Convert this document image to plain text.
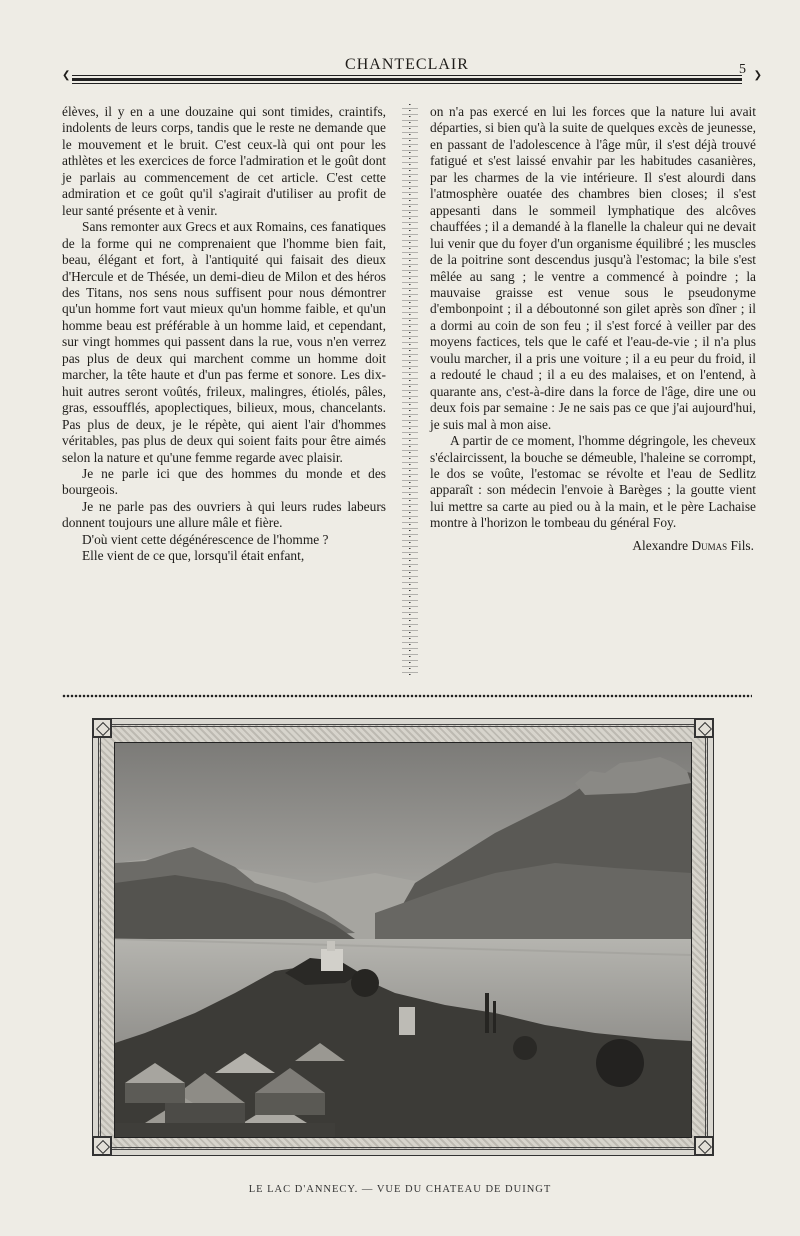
CHANTECLAIR	5
❮	❯

élèves, il y en a une douzaine qui sont timides, craintifs, indolents de leurs corps, tandis que le reste ne demande que le mouvement et le bruit. C'est ceux-là qui ont pour les athlètes et les exercices de force l'admiration et le goût dont je parlais au commencement de cet article. C'est cette admiration et ce goût qu'il s'agirait d'utiliser au profit de leur santé présente et à venir.

Sans remonter aux Grecs et aux Romains, ces fanatiques de la forme qui ne comprenaient que l'homme bien fait, beau, élégant et fort, à l'antiquité qui faisait des dieux d'Hercule et de Thésée, un demi-dieu de Milon et des héros des Titans, nos sens nous suffisent pour nous démontrer qu'un homme fort vaut mieux qu'un homme faible, et qu'un homme beau est préférable à un homme laid, et cependant, sur vingt hommes qui passent dans la rue, vous n'en verrez pas plus de deux qui marchent comme un homme doit marcher, la tête haute et d'un pas ferme et sonore. Les dix-huit autres seront voûtés, frileux, malingres, étiolés, pâles, gras, essoufflés, apoplectiques, bilieux, mous, chancelants. Pas plus de deux, je le répète, qui aient l'air d'hommes véritables, pas plus de deux qui soient faits pour être aimés selon la nature et qu'une femme regarde avec plaisir.

Je ne parle ici que des hommes du monde et des bourgeois.

Je ne parle pas des ouvriers à qui leurs rudes labeurs donnent toujours une allure mâle et fière.

D'où vient cette dégénérescence de l'homme ?

Elle vient de ce que, lorsqu'il était enfant,

on n'a pas exercé en lui les forces que la nature lui avait départies, si bien qu'à la suite de quelques excès de jeunesse, en passant de l'adolescence à l'âge mûr, il s'est déjà trouvé fatigué et s'est laissé envahir par les habitudes casanières, par les charmes de la vie intérieure. Il s'est alourdi dans l'atmosphère ouatée des chambres bien closes; il s'est appesanti dans le sommeil lymphatique des alcôves chauffées ; il a demandé à la flanelle la chaleur qui ne devait lui venir que du foyer d'un organisme équilibré ; les muscles de la poitrine sont descendus jusqu'à l'estomac; la bile s'est mêlée au sang ; le ventre a commencé à poindre ; la mauvaise graisse est venue sous le pseudonyme d'embonpoint ; il a déboutonné son gilet après son dîner ; il a dormi au coin de son feu ; il s'est forcé à veiller par des moyens factices, tels que le café et l'eau-de-vie ; il n'a plus voulu marcher, il a pris une voiture ; il a eu peur du froid, il a redouté le chaud ; il a eu des malaises, et on l'entend, à quarante ans, c'est-à-dire dans la force de l'âge, dire une ou deux fois par semaine : Je ne sais pas ce que j'ai aujourd'hui, je suis mal à mon aise.

A partir de ce moment, l'homme dégringole, les cheveux s'éclaircissent, la bouche se démeuble, l'haleine se corrompt, le dos se voûte, l'estomac se révolte et l'eau de Sedlitz apparaît : son médecin l'envoie à Barèges ; la goutte vient lui mettre sa carte au pied ou à la main, et le père Lachaise montre à l'horizon le tombeau du général Foy.

Alexandre Dumas Fils.

LE LAC D'ANNECY. — VUE DU CHATEAU DE DUINGT
